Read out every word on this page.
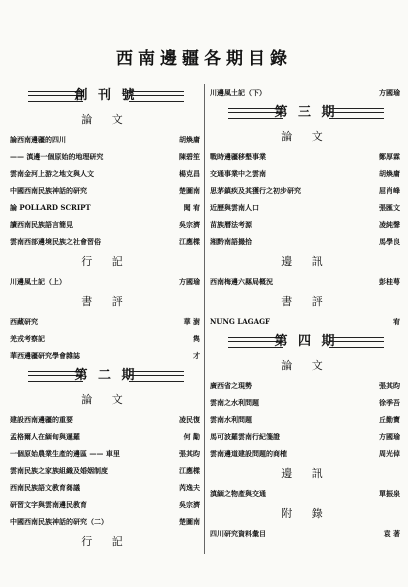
西南邊疆各期目錄
創 刊 號
論 文
論西南邊疆的四川	胡煥庸
—— 滇邊一個原始的地理研究	陳碧笙
雲南金河上游之地文與人文	楊克昌
中國西南民族神話的研究	楚圖南
論 POLLARD SCRIPT	聞 宥
讀西南民族語言簡見	吳宗濟
雲南西部邊境民族之社會習俗	江應樑
行 記
川邊風土記（上）	方國瑜
書 評
西藏研究	華 澍
羌戎考察記	雋
華西邊疆研究學會雜誌	才
第 二 期
論 文
建設西南邊疆的重要	凌民復
孟格爾人在緬甸與暹羅	何 勱
一個原始農業生產的邊區 —— 車里	張其昀
雲南民族之家族組織及婚姻制度	江應樑
西南民族語文教育芻議	芮逸夫
研習文字與雲南邊民教育	吳宗濟
中國西南民族神話的研究（二）	楚圖南
行 記
川邊風土記（下）	方國瑜
第 三 期
論 文
戰時邊疆移墾事業	鄭厚霖
交通事業中之雲南	胡煥庸
思茅鎮疾及其獲行之初步研究	屈肖峰
近歷與雲南人口	張匯文
苗族曆法考源	凌純聲
湘黔南語撮拾	馬學良
邊 訊
西南梅邊六縣局概況	彭桂萼
書 評
NUNG LAGAGF	宥
第 四 期
論 文
廣西省之現勢	張其昀
雲南之水利問題	徐季吾
雲南水利問題	丘勤寶
馬可波羅雲南行紀箋證	方國瑜
雲南邊道建設問題的商榷	周光倬
邊 訊
滇緬之物產與交通	單振泉
附 錄
四川研究資料彙目	袁 著
